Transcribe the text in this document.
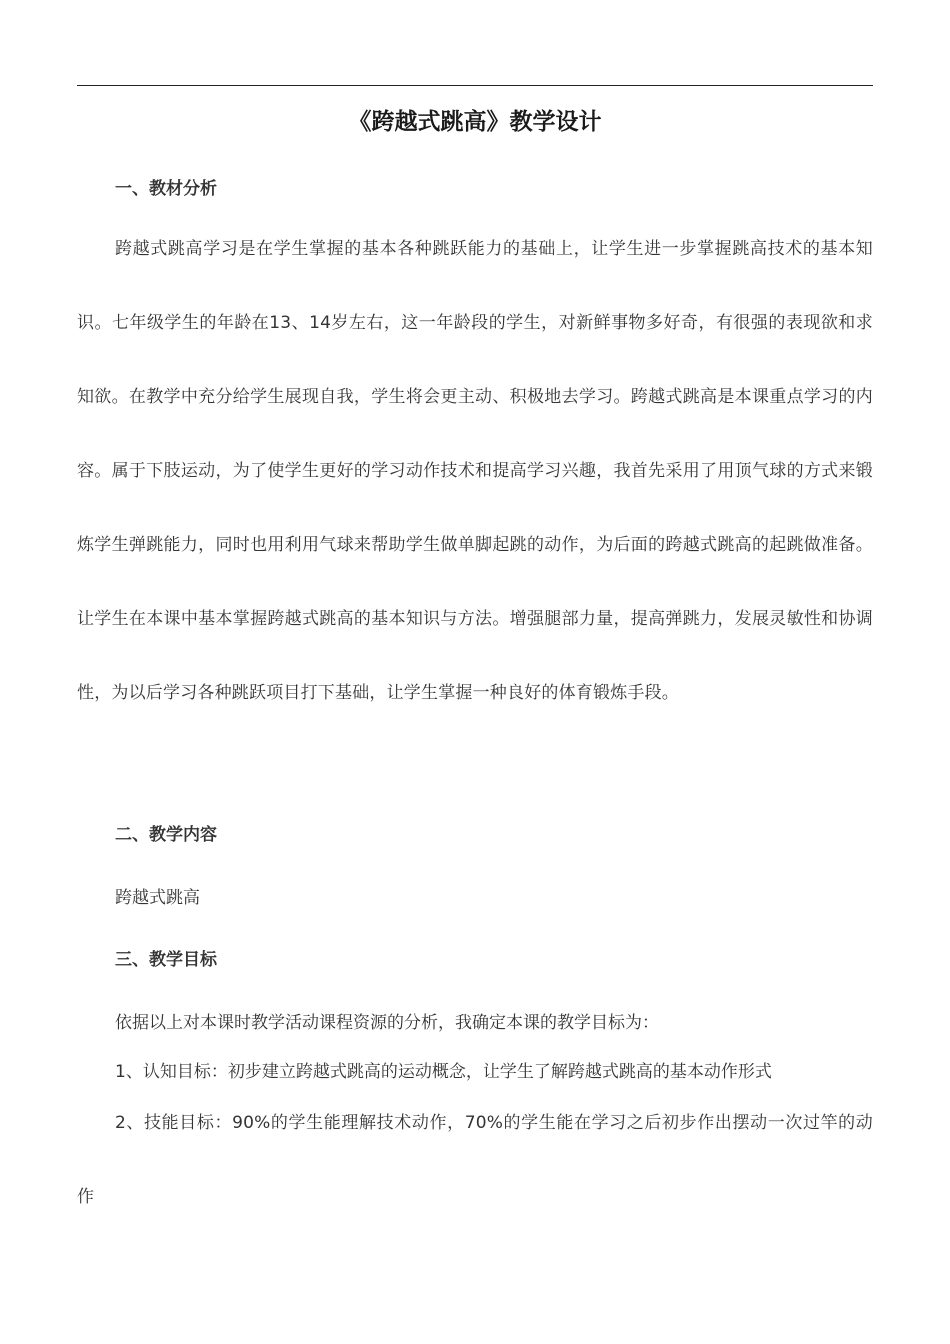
《跨越式跳高》教学设计
一、教材分析

跨越式跳高学习是在学生掌握的基本各种跳跃能力的基础上，让学生进一步掌握跳高技术的基本知识。七年级学生的年龄在13、14岁左右，这一年龄段的学生，对新鲜事物多好奇，有很强的表现欲和求知欲。在教学中充分给学生展现自我，学生将会更主动、积极地去学习。跨越式跳高是本课重点学习的内容。属于下肢运动，为了使学生更好的学习动作技术和提高学习兴趣，我首先采用了用顶气球的方式来锻炼学生弹跳能力，同时也用利用气球来帮助学生做单脚起跳的动作，为后面的跨越式跳高的起跳做准备。让学生在本课中基本掌握跨越式跳高的基本知识与方法。增强腿部力量，提高弹跳力，发展灵敏性和协调性，为以后学习各种跳跃项目打下基础，让学生掌握一种良好的体育锻炼手段。

二、教学内容
跨越式跳高
三、教学目标
依据以上对本课时教学活动课程资源的分析，我确定本课的教学目标为：
1、认知目标：初步建立跨越式跳高的运动概念，让学生了解跨越式跳高的基本动作形式

2、技能目标：90%的学生能理解技术动作，70%的学生能在学习之后初步作出摆动一次过竿的动作
